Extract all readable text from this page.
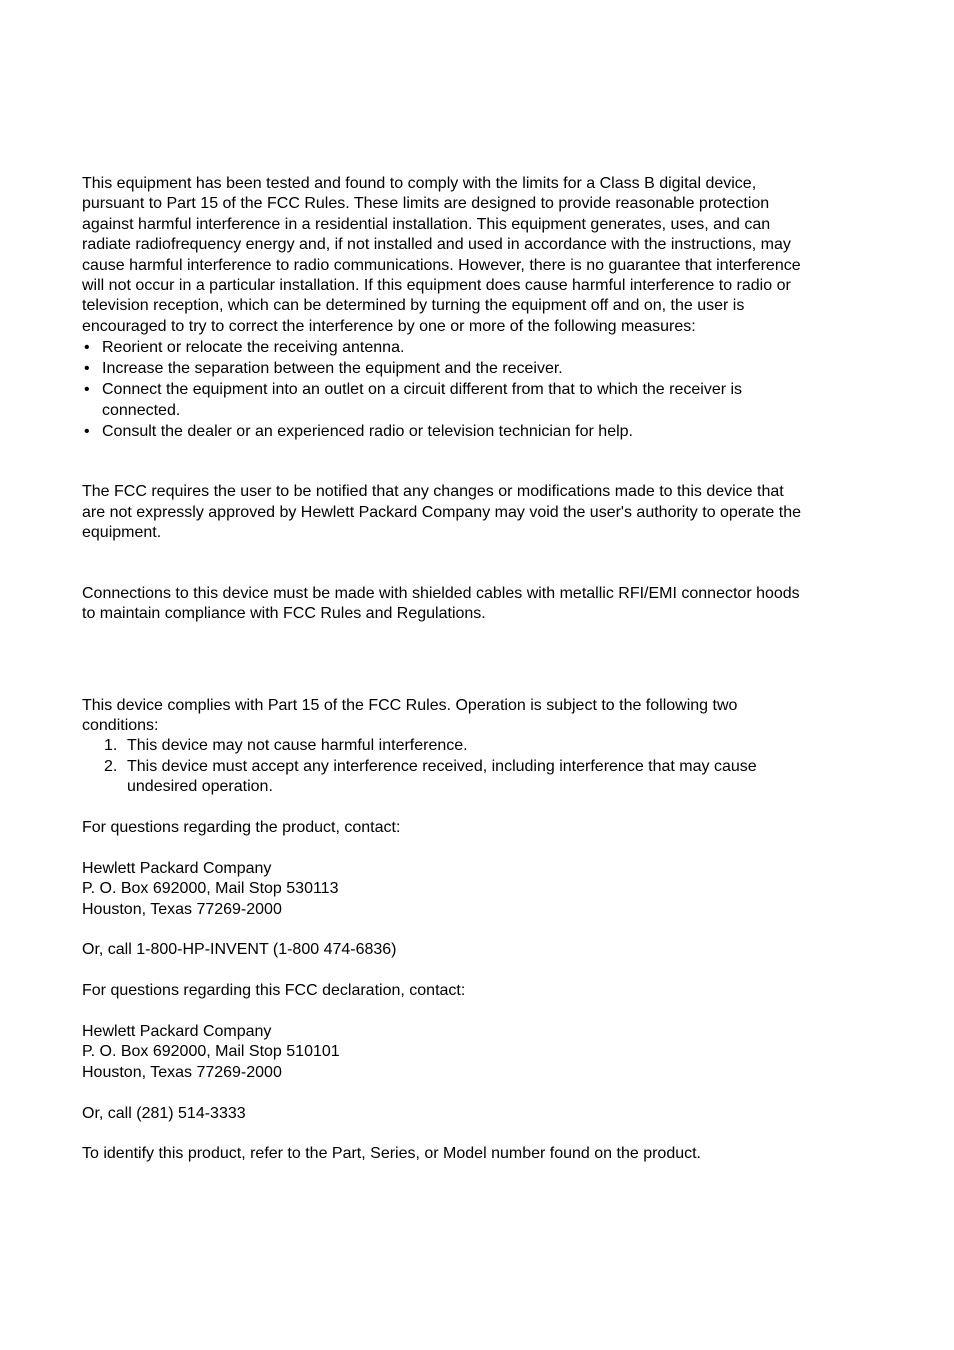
This equipment has been tested and found to comply with the limits for a Class B digital device,
pursuant to Part 15 of the FCC Rules. These limits are designed to provide reasonable protection
against harmful interference in a residential installation. This equipment generates, uses, and can
radiate radiofrequency energy and, if not installed and used in accordance with the instructions, may
cause harmful interference to radio communications. However, there is no guarantee that interference
will not occur in a particular installation. If this equipment does cause harmful interference to radio or
television reception, which can be determined by turning the equipment off and on, the user is
encouraged to try to correct the interference by one or more of the following measures:

• Reorient or relocate the receiving antenna.
• Increase the separation between the equipment and the receiver.
• Connect the equipment into an outlet on a circuit different from that to which the receiver is
connected.
• Consult the dealer or an experienced radio or television technician for help.

The FCC requires the user to be notified that any changes or modifications made to this device that
are not expressly approved by Hewlett Packard Company may void the user's authority to operate the
equipment.

Connections to this device must be made with shielded cables with metallic RFI/EMI connector hoods
to maintain compliance with FCC Rules and Regulations.

This device complies with Part 15 of the FCC Rules. Operation is subject to the following two
conditions:

1. This device may not cause harmful interference.
2. This device must accept any interference received, including interference that may cause
undesired operation.

For questions regarding the product, contact:

Hewlett Packard Company
P. O. Box 692000, Mail Stop 530113
Houston, Texas 77269-2000

Or, call 1-800-HP-INVENT (1-800 474-6836)

For questions regarding this FCC declaration, contact:

Hewlett Packard Company
P. O. Box 692000, Mail Stop 510101
Houston, Texas 77269-2000

Or, call (281) 514-3333

To identify this product, refer to the Part, Series, or Model number found on the product.
